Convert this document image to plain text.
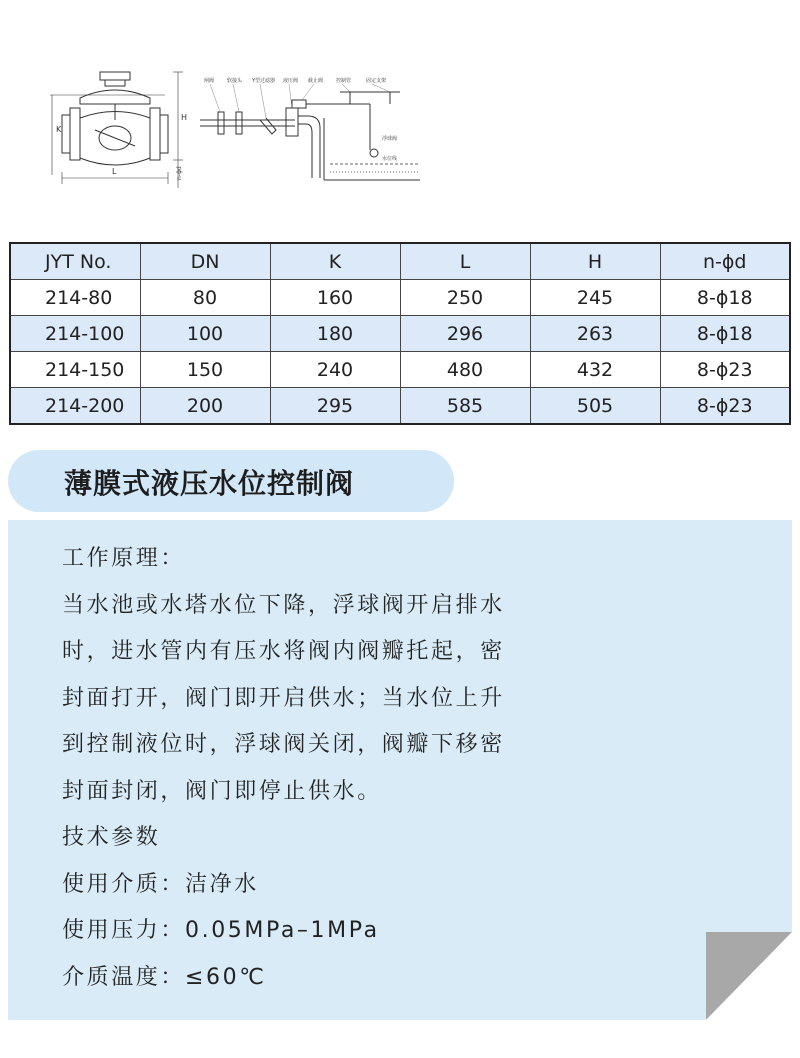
K
L
H
n-ϕd
闸阀	软接头 Y型过滤器 液压阀 截止阀	控制管	固定支架
浮球阀
水位线
JYT No.	DN	K	L	H	n-ϕd
214-80	80	160	250	245	8-ϕ18
214-100	100	180	296	263	8-ϕ18
214-150	150	240	480	432	8-ϕ23
214-200	200	295	585	505	8-ϕ23
薄膜式液压水位控制阀
工作原理：
当水池或水塔水位下降，浮球阀开启排水
时，进水管内有压水将阀内阀瓣托起，密
封面打开，阀门即开启供水；当水位上升
到控制液位时，浮球阀关闭，阀瓣下移密
封面封闭，阀门即停止供水。
技术参数
使用介质：洁净水
使用压力：0.05MPa–1MPa
介质温度：≤60℃
